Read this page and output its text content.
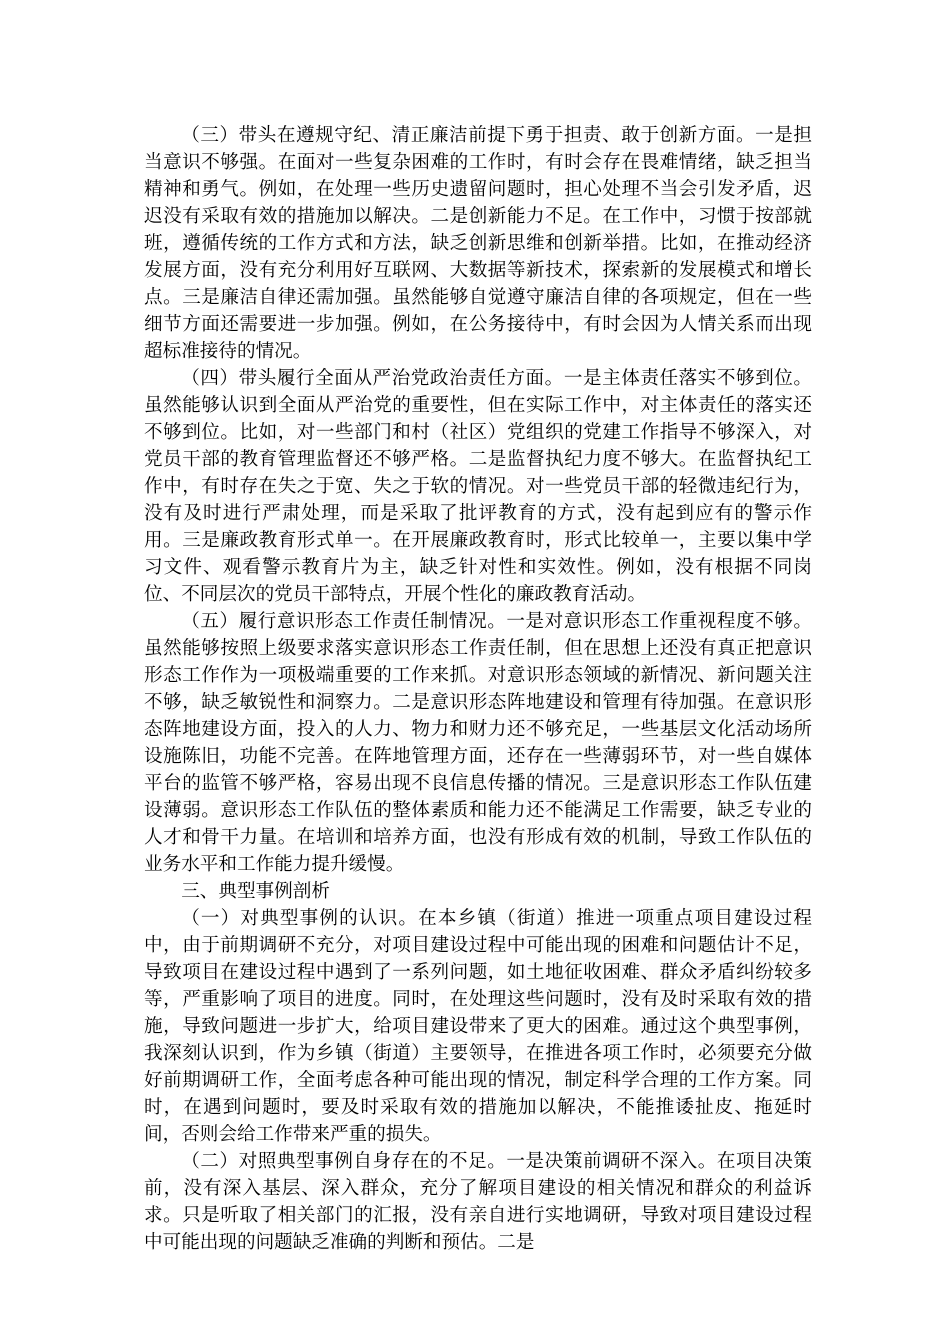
（三）带头在遵规守纪、清正廉洁前提下勇于担责、敢于创新方面。一是担当意识不够强。在面对一些复杂困难的工作时，有时会存在畏难情绪，缺乏担当精神和勇气。例如，在处理一些历史遗留问题时，担心处理不当会引发矛盾，迟迟没有采取有效的措施加以解决。二是创新能力不足。在工作中，习惯于按部就班，遵循传统的工作方式和方法，缺乏创新思维和创新举措。比如，在推动经济发展方面，没有充分利用好互联网、大数据等新技术，探索新的发展模式和增长点。三是廉洁自律还需加强。虽然能够自觉遵守廉洁自律的各项规定，但在一些细节方面还需要进一步加强。例如，在公务接待中，有时会因为人情关系而出现超标准接待的情况。

（四）带头履行全面从严治党政治责任方面。一是主体责任落实不够到位。虽然能够认识到全面从严治党的重要性，但在实际工作中，对主体责任的落实还不够到位。比如，对一些部门和村（社区）党组织的党建工作指导不够深入，对党员干部的教育管理监督还不够严格。二是监督执纪力度不够大。在监督执纪工作中，有时存在失之于宽、失之于软的情况。对一些党员干部的轻微违纪行为，没有及时进行严肃处理，而是采取了批评教育的方式，没有起到应有的警示作用。三是廉政教育形式单一。在开展廉政教育时，形式比较单一，主要以集中学习文件、观看警示教育片为主，缺乏针对性和实效性。例如，没有根据不同岗位、不同层次的党员干部特点，开展个性化的廉政教育活动。

（五）履行意识形态工作责任制情况。一是对意识形态工作重视程度不够。虽然能够按照上级要求落实意识形态工作责任制，但在思想上还没有真正把意识形态工作作为一项极端重要的工作来抓。对意识形态领域的新情况、新问题关注不够，缺乏敏锐性和洞察力。二是意识形态阵地建设和管理有待加强。在意识形态阵地建设方面，投入的人力、物力和财力还不够充足，一些基层文化活动场所设施陈旧，功能不完善。在阵地管理方面，还存在一些薄弱环节，对一些自媒体平台的监管不够严格，容易出现不良信息传播的情况。三是意识形态工作队伍建设薄弱。意识形态工作队伍的整体素质和能力还不能满足工作需要，缺乏专业的人才和骨干力量。在培训和培养方面，也没有形成有效的机制，导致工作队伍的业务水平和工作能力提升缓慢。

三、典型事例剖析

（一）对典型事例的认识。在本乡镇（街道）推进一项重点项目建设过程中，由于前期调研不充分，对项目建设过程中可能出现的困难和问题估计不足，导致项目在建设过程中遇到了一系列问题，如土地征收困难、群众矛盾纠纷较多等，严重影响了项目的进度。同时，在处理这些问题时，没有及时采取有效的措施，导致问题进一步扩大，给项目建设带来了更大的困难。通过这个典型事例，我深刻认识到，作为乡镇（街道）主要领导，在推进各项工作时，必须要充分做好前期调研工作，全面考虑各种可能出现的情况，制定科学合理的工作方案。同时，在遇到问题时，要及时采取有效的措施加以解决，不能推诿扯皮、拖延时间，否则会给工作带来严重的损失。

（二）对照典型事例自身存在的不足。一是决策前调研不深入。在项目决策前，没有深入基层、深入群众，充分了解项目建设的相关情况和群众的利益诉求。只是听取了相关部门的汇报，没有亲自进行实地调研，导致对项目建设过程中可能出现的问题缺乏准确的判断和预估。二是
